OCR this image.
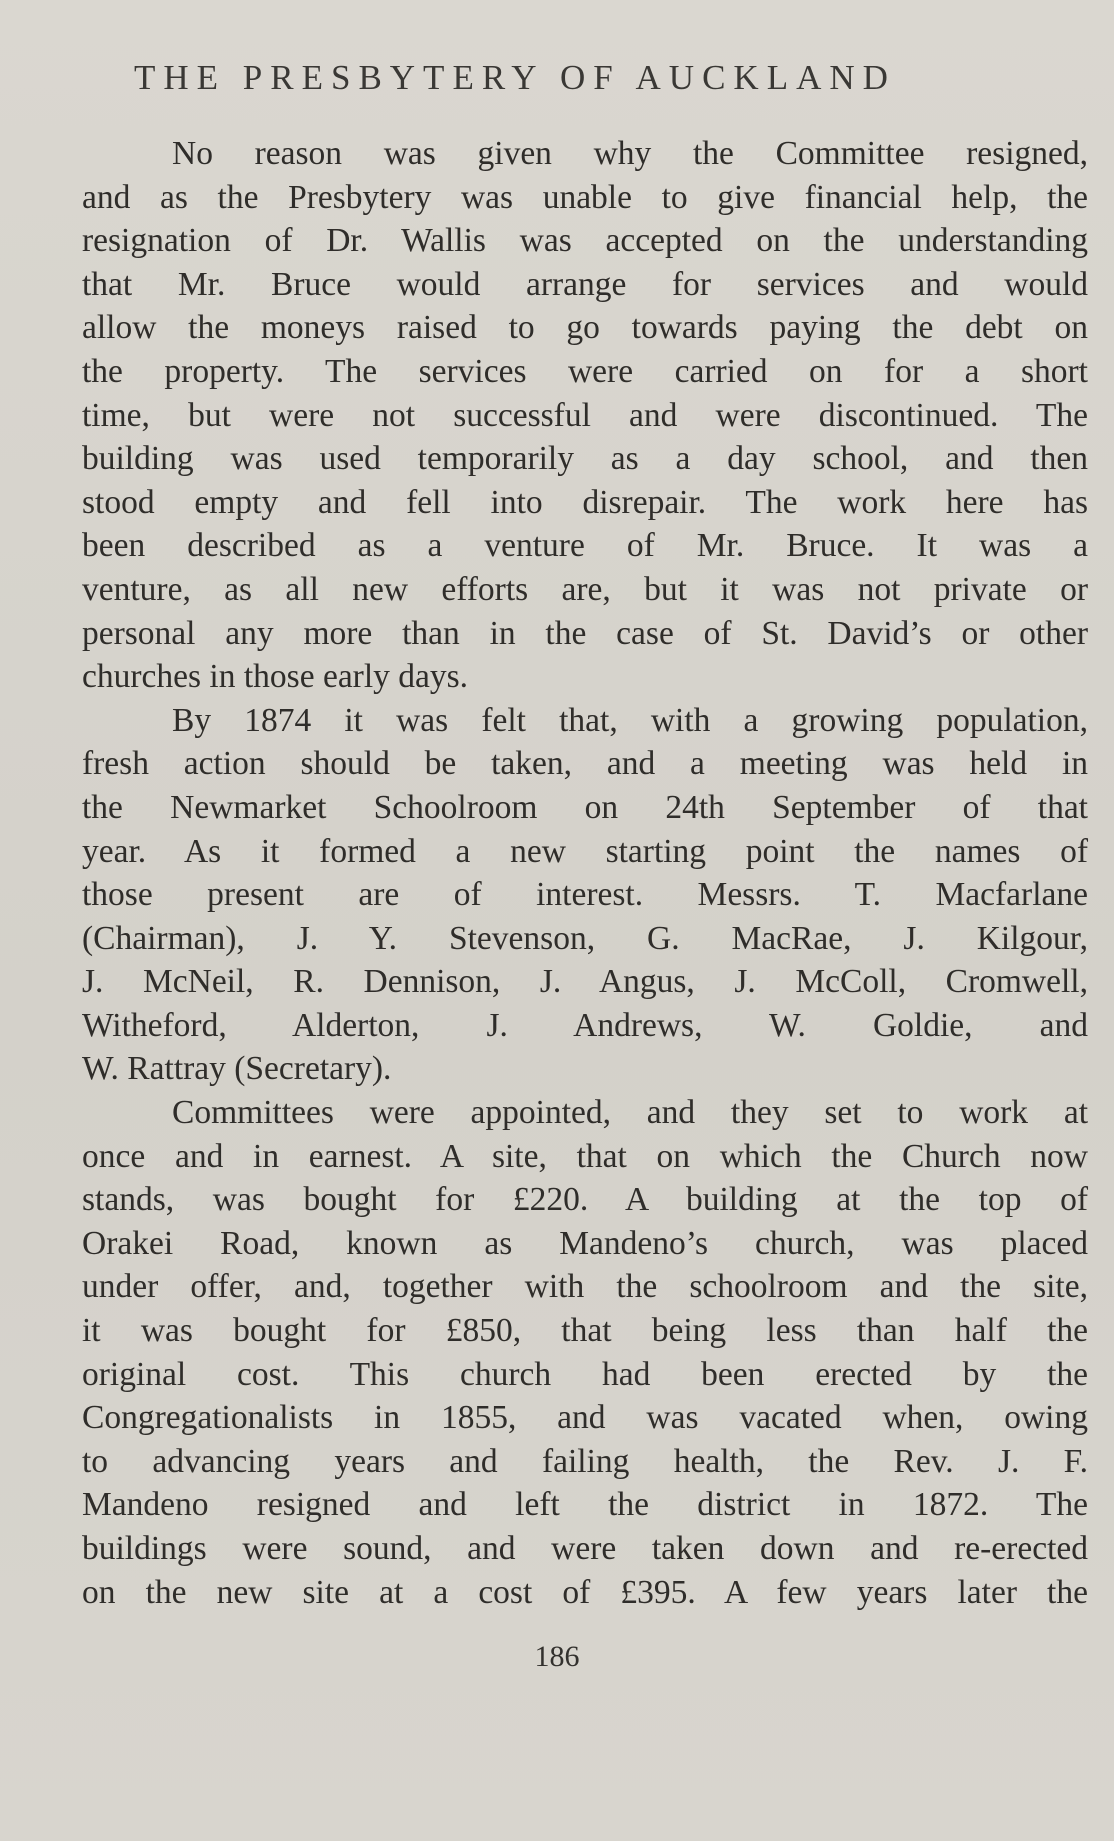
THE PRESBYTERY OF AUCKLAND

No reason was given why the Committee resigned,
and as the Presbytery was unable to give financial help, the
resignation of Dr. Wallis was accepted on the understanding
that Mr. Bruce would arrange for services and would
allow the moneys raised to go towards paying the debt on
the property. The services were carried on for a short
time, but were not successful and were discontinued. The
building was used temporarily as a day school, and then
stood empty and fell into disrepair. The work here has
been described as a venture of Mr. Bruce. It was a
venture, as all new efforts are, but it was not private or
personal any more than in the case of St. David’s or other
churches in those early days.

By 1874 it was felt that, with a growing population,
fresh action should be taken, and a meeting was held in
the Newmarket Schoolroom on 24th September of that
year. As it formed a new starting point the names of
those present are of interest. Messrs. T. Macfarlane
(Chairman), J. Y. Stevenson, G. MacRae, J. Kilgour,
J. McNeil, R. Dennison, J. Angus, J. McColl, Cromwell,
Witheford, Alderton, J. Andrews, W. Goldie, and
W. Rattray (Secretary).

Committees were appointed, and they set to work at
once and in earnest. A site, that on which the Church now
stands, was bought for £220. A building at the top of
Orakei Road, known as Mandeno’s church, was placed
under offer, and, together with the schoolroom and the site,
it was bought for £850, that being less than half the
original cost. This church had been erected by the
Congregationalists in 1855, and was vacated when, owing
to advancing years and failing health, the Rev. J. F.
Mandeno resigned and left the district in 1872. The
buildings were sound, and were taken down and re-erected
on the new site at a cost of £395. A few years later the

186
